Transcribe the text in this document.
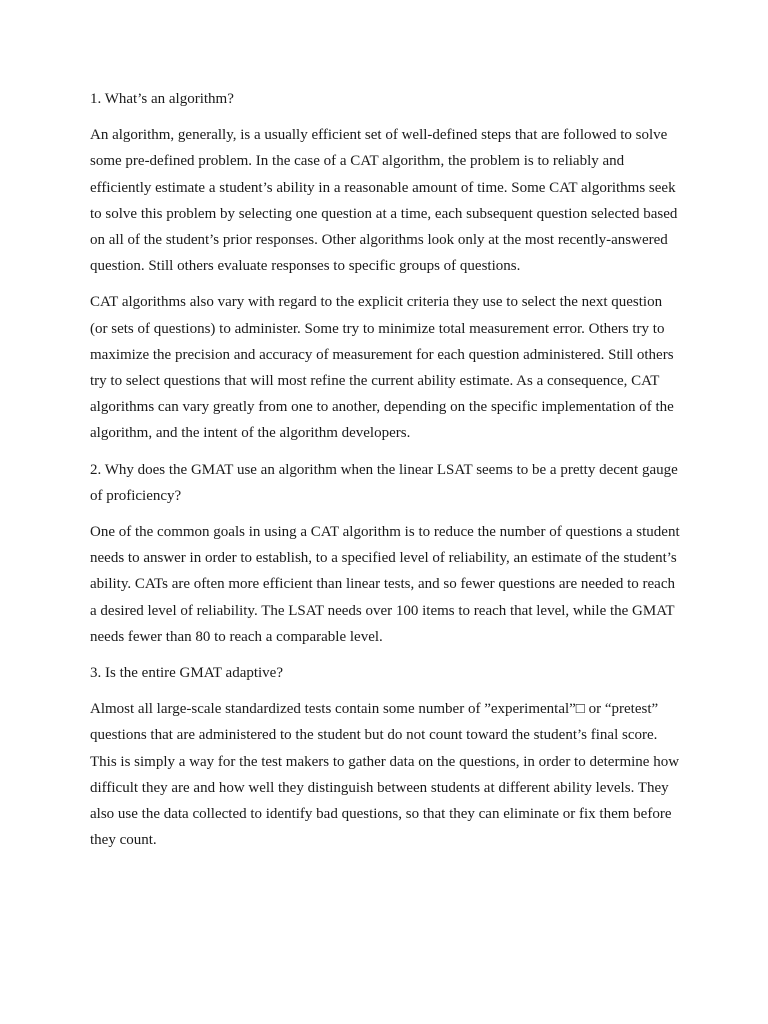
1. What’s an algorithm?

An algorithm, generally, is a usually efficient set of well-defined steps that are followed to solve some pre-defined problem. In the case of a CAT algorithm, the problem is to reliably and efficiently estimate a student’s ability in a reasonable amount of time. Some CAT algorithms seek to solve this problem by selecting one question at a time, each subsequent question selected based on all of the student’s prior responses. Other algorithms look only at the most recently-answered question. Still others evaluate responses to specific groups of questions.

CAT algorithms also vary with regard to the explicit criteria they use to select the next question (or sets of questions) to administer. Some try to minimize total measurement error. Others try to maximize the precision and accuracy of measurement for each question administered. Still others try to select questions that will most refine the current ability estimate. As a consequence, CAT algorithms can vary greatly from one to another, depending on the specific implementation of the algorithm, and the intent of the algorithm developers.

2. Why does the GMAT use an algorithm when the linear LSAT seems to be a pretty decent gauge of proficiency?

One of the common goals in using a CAT algorithm is to reduce the number of questions a student needs to answer in order to establish, to a specified level of reliability, an estimate of the student’s ability. CATs are often more efficient than linear tests, and so fewer questions are needed to reach a desired level of reliability. The LSAT needs over 100 items to reach that level, while the GMAT needs fewer than 80 to reach a comparable level.

3. Is the entire GMAT adaptive?

Almost all large-scale standardized tests contain some number of ”experimental”□ or “pretest” questions that are administered to the student but do not count toward the student’s final score. This is simply a way for the test makers to gather data on the questions, in order to determine how difficult they are and how well they distinguish between students at different ability levels. They also use the data collected to identify bad questions, so that they can eliminate or fix them before they count.
